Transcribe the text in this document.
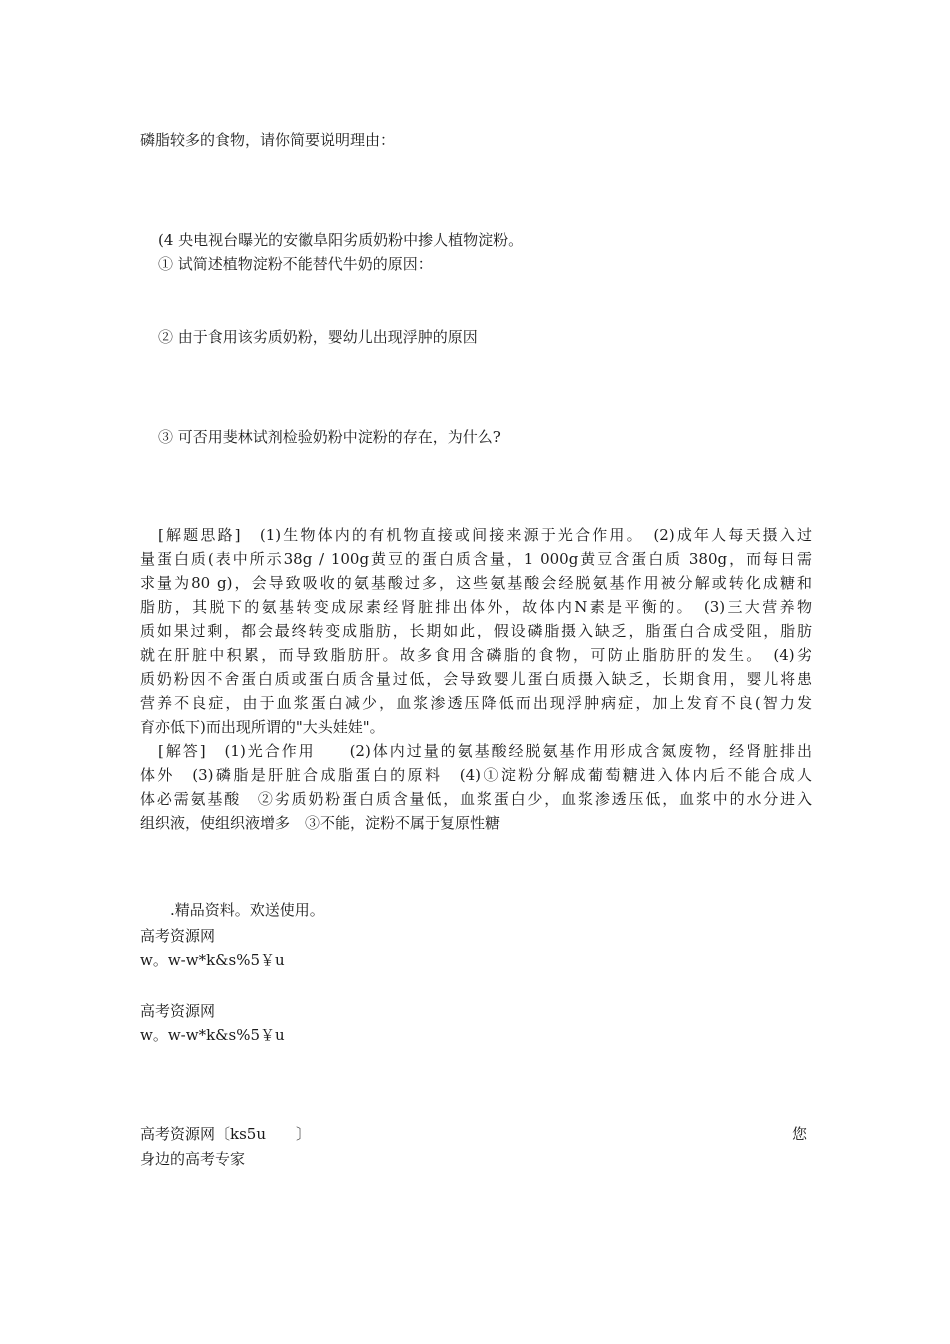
磷脂较多的食物，请你简要说明理由：
(4 央电视台曝光的安徽阜阳劣质奶粉中掺人植物淀粉。
① 试简述植物淀粉不能替代牛奶的原因：
② 由于食用该劣质奶粉，婴幼儿出现浮肿的原因
③ 可否用斐林试剂检验奶粉中淀粉的存在，为什么?
[解题思路]　(1)生物体内的有机物直接或间接来源于光合作用。　(2)成年人每天摄入过
量蛋白质(表中所示38g / 100g黄豆的蛋白质含量，1 000g黄豆含蛋白质 380g，而每日需
求量为80 g)，会导致吸收的氨基酸过多，这些氨基酸会经脱氨基作用被分解或转化成糖和
脂肪，其脱下的氨基转变成尿素经肾脏排出体外，故体内N素是平衡的。　(3)三大营养物
质如果过剩，都会最终转变成脂肪，长期如此，假设磷脂摄入缺乏，脂蛋白合成受阻，脂肪
就在肝脏中积累，而导致脂肪肝。故多食用含磷脂的食物，可防止脂肪肝的发生。　(4)劣
质奶粉因不舍蛋白质或蛋白质含量过低，会导致婴儿蛋白质摄入缺乏，长期食用，婴儿将患
营养不良症，由于血浆蛋白减少，血浆渗透压降低而出现浮肿病症，加上发育不良(智力发
育亦低下)而出现所谓的"大头娃娃"。
[解答]　(1)光合作用　　(2)体内过量的氨基酸经脱氨基作用形成含氮废物，经肾脏排出
体外　(3)磷脂是肝脏合成脂蛋白的原料　(4)①淀粉分解成葡萄糖进入体内后不能合成人
体必需氨基酸　②劣质奶粉蛋白质含量低，血浆蛋白少，血浆渗透压低，血浆中的水分进入
组织液，使组织液增多　③不能，淀粉不属于复原性糖
.精品资料。欢送使用。
高考资源网
w。w-w*k&s%5￥u
高考资源网
w。w-w*k&s%5￥u
高考资源网〔ks5u　　〕	您
身边的高考专家
